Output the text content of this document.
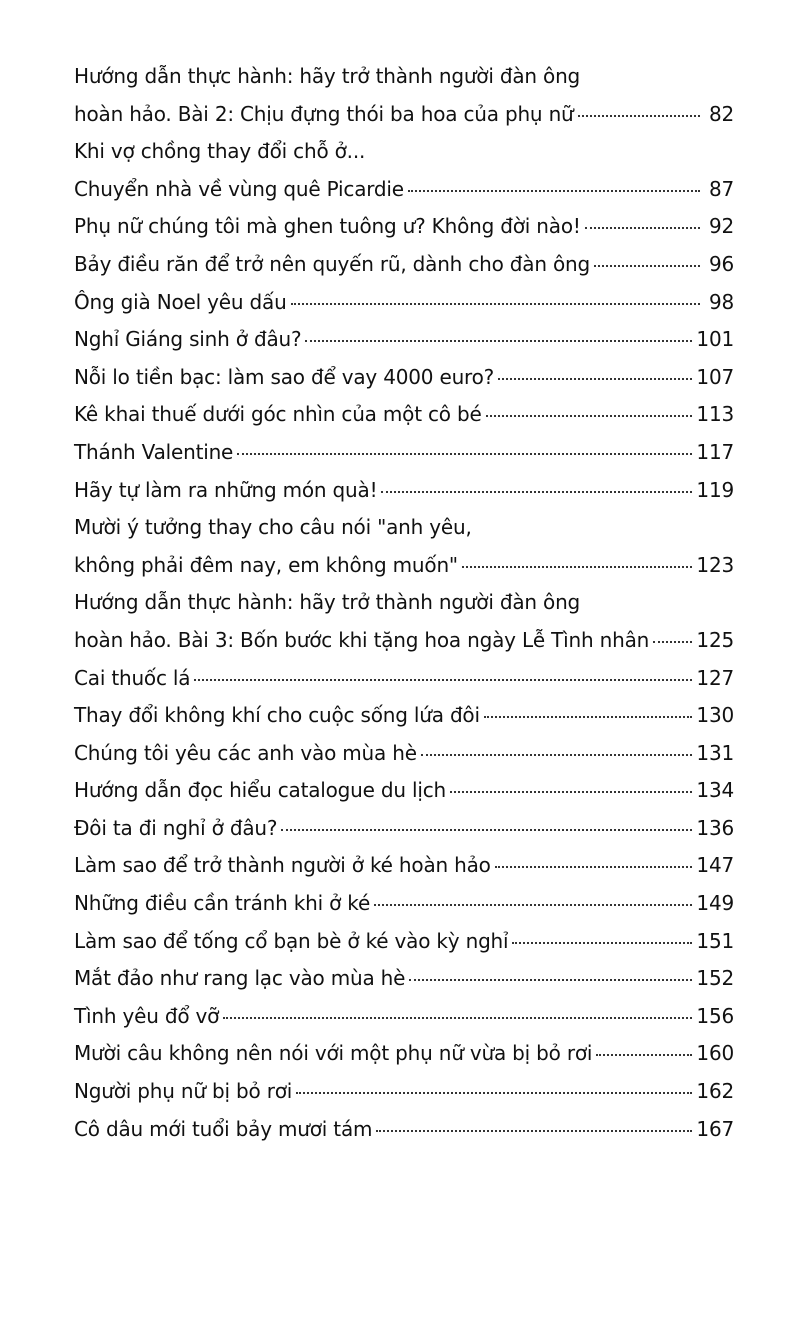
Hướng dẫn thực hành: hãy trở thành người đàn ông
hoàn hảo. Bài 2: Chịu đựng thói ba hoa của phụ nữ	82
Khi vợ chồng thay đổi chỗ ở...
Chuyển nhà về vùng quê Picardie	87
Phụ nữ chúng tôi mà ghen tuông ư? Không đời nào!	92
Bảy điều răn để trở nên quyến rũ, dành cho đàn ông	96
Ông già Noel yêu dấu	98
Nghỉ Giáng sinh ở đâu?	101
Nỗi lo tiền bạc: làm sao để vay 4000 euro?	107
Kê khai thuế dưới góc nhìn của một cô bé	113
Thánh Valentine	117
Hãy tự làm ra những món quà!	119
Mười ý tưởng thay cho câu nói "anh yêu,
không phải đêm nay, em không muốn"	123
Hướng dẫn thực hành: hãy trở thành người đàn ông
hoàn hảo. Bài 3: Bốn bước khi tặng hoa ngày Lễ Tình nhân 125
Cai thuốc lá	127
Thay đổi không khí cho cuộc sống lứa đôi	130
Chúng tôi yêu các anh vào mùa hè	131
Hướng dẫn đọc hiểu catalogue du lịch	134
Đôi ta đi nghỉ ở đâu?	136
Làm sao để trở thành người ở ké hoàn hảo	147
Những điều cần tránh khi ở ké	149
Làm sao để tống cổ bạn bè ở ké vào kỳ nghỉ	151
Mắt đảo như rang lạc vào mùa hè	152
Tình yêu đổ vỡ	156
Mười câu không nên nói với một phụ nữ vừa bị bỏ rơi	160
Người phụ nữ bị bỏ rơi	162
Cô dâu mới tuổi bảy mươi tám	167
